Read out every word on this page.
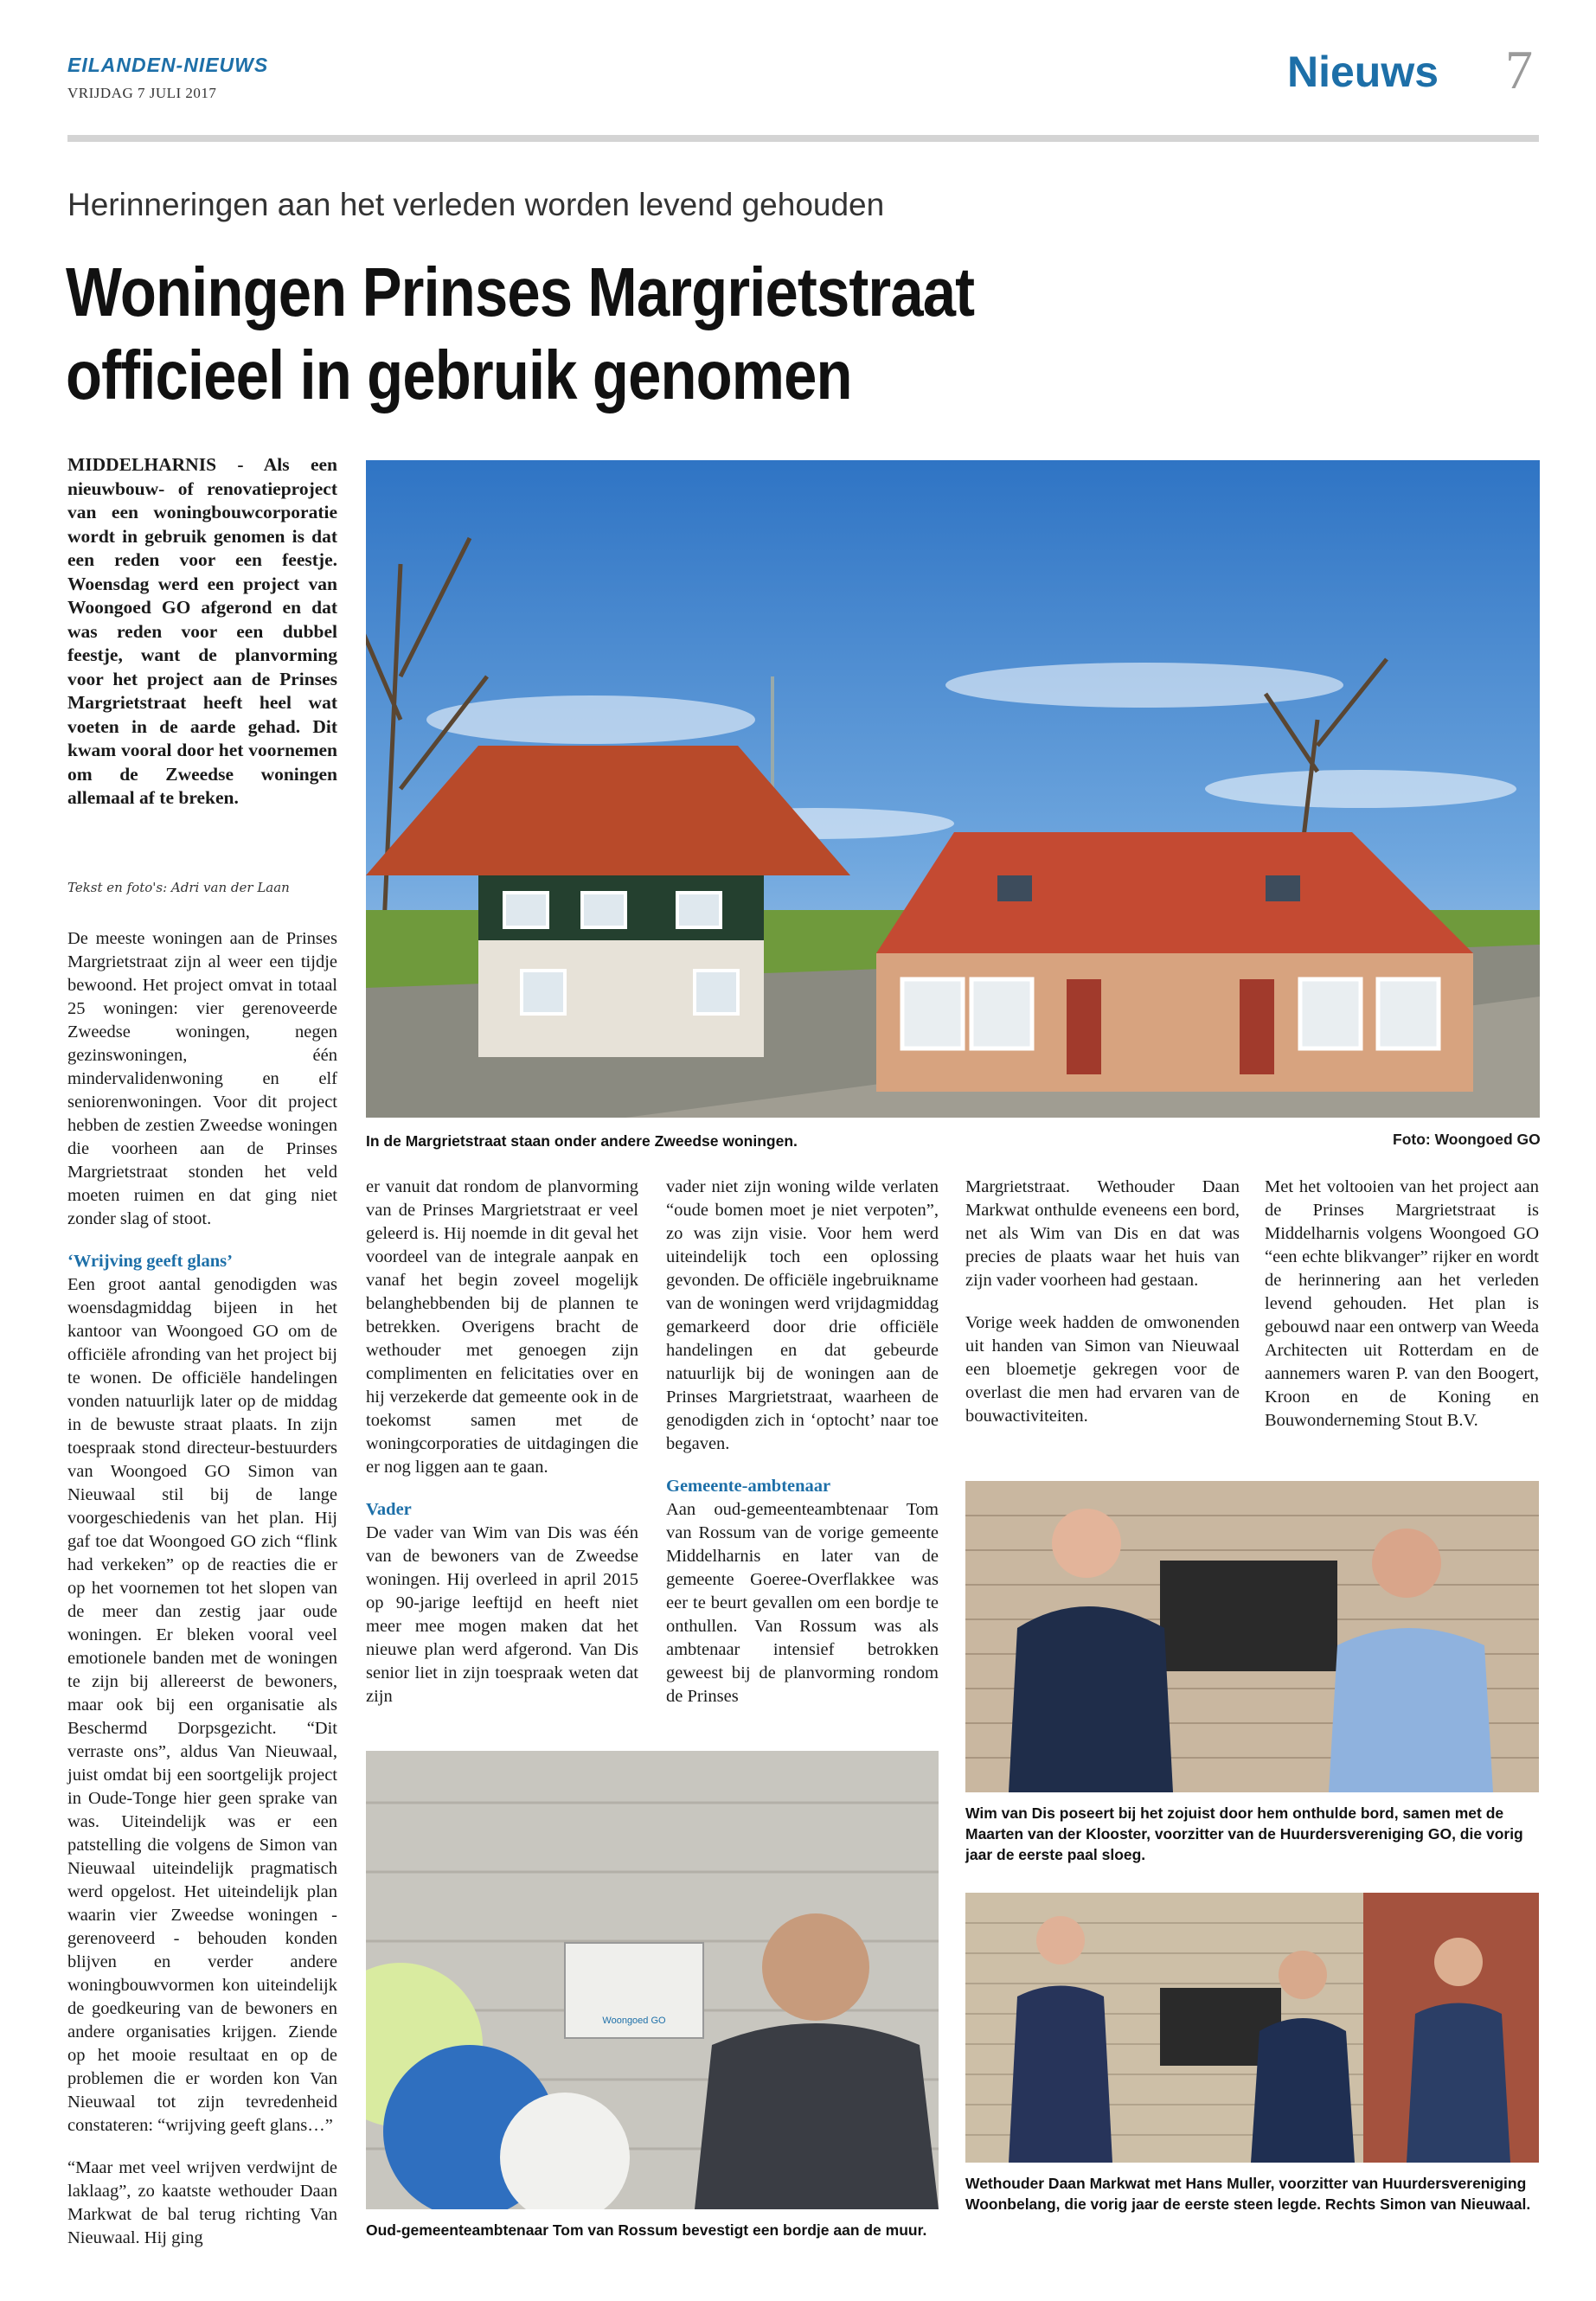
EILANDEN-NIEUWS
VRIJDAG 7 JULI 2017	Nieuws 7
Herinneringen aan het verleden worden levend gehouden
Woningen Prinses Margrietstraat
officieel in gebruik genomen
MIDDELHARNIS - Als een nieuwbouw- of renovatieproject van een woningbouwcorporatie wordt in gebruik genomen is dat een reden voor een feestje. Woensdag werd een project van Woongoed GO afgerond en dat was reden voor een dubbel feestje, want de planvorming voor het project aan de Prinses Margrietstraat heeft heel wat voeten in de aarde gehad. Dit kwam vooral door het voornemen om de Zweedse woningen allemaal af te breken.
Tekst en foto's: Adri van der Laan

De meeste woningen aan de Prinses Margrietstraat zijn al weer een tijdje bewoond. Het project omvat in totaal 25 woningen: vier gerenoveerde Zweedse woningen, negen gezinswoningen, één mindervalidenwoning en elf seniorenwoningen. Voor dit project hebben de zestien Zweedse woningen die voorheen aan de Prinses Margrietstraat stonden het veld moeten ruimen en dat ging niet zonder slag of stoot.

‘Wrijving geeft glans’

Een groot aantal genodigden was woensdagmiddag bijeen in het kantoor van Woongoed GO om de officiële afronding van het project bij te wonen. De officiële handelingen vonden natuurlijk later op de middag in de bewuste straat plaats. In zijn toespraak stond directeur-bestuurders van Woongoed GO Simon van Nieuwaal stil bij de lange voorgeschiedenis van het plan. Hij gaf toe dat Woongoed GO zich “flink had verkeken” op de reacties die er op het voornemen tot het slopen van de meer dan zestig jaar oude woningen. Er bleken vooral veel emotionele banden met de woningen te zijn bij allereerst de bewoners, maar ook bij een organisatie als Beschermd Dorpsgezicht. “Dit verraste ons”, aldus Van Nieuwaal, juist omdat bij een soortgelijk project in Oude-Tonge hier geen sprake van was. Uiteindelijk was er een patstelling die volgens de Simon van Nieuwaal uiteindelijk pragmatisch werd opgelost. Het uiteindelijk plan waarin vier Zweedse woningen - gerenoveerd - behouden konden blijven en verder andere woningbouwvormen kon uiteindelijk de goedkeuring van de bewoners en andere organisaties krijgen. Ziende op het mooie resultaat en op de problemen die er worden kon Van Nieuwaal tot zijn tevredenheid constateren: “wrijving geeft glans…”

“Maar met veel wrijven verdwijnt de laklaag”, zo kaatste wethouder Daan Markwat de bal terug richting Van Nieuwaal. Hij ging

In de Margrietstraat staan onder andere Zweedse woningen.	Foto: Woongoed GO

er vanuit dat rondom de planvorming van de Prinses Margrietstraat er veel geleerd is. Hij noemde in dit geval het voordeel van de integrale aanpak en vanaf het begin zoveel mogelijk belanghebbenden bij de plannen te betrekken. Overigens bracht de wethouder met genoegen zijn complimenten en felicitaties over en hij verzekerde dat gemeente ook in de toekomst samen met de woningcorporaties de uitdagingen die er nog liggen aan te gaan.

Vader

De vader van Wim van Dis was één van de bewoners van de Zweedse woningen. Hij overleed in april 2015 op 90-jarige leeftijd en heeft niet meer mee mogen maken dat het nieuwe plan werd afgerond. Van Dis senior liet in zijn toespraak weten dat zijn

vader niet zijn woning wilde verlaten “oude bomen moet je niet verpoten”, zo was zijn visie. Voor hem werd uiteindelijk toch een oplossing gevonden. De officiële ingebruikname van de woningen werd vrijdagmiddag gemarkeerd door drie officiële handelingen en dat gebeurde natuurlijk bij de woningen aan de Prinses Margrietstraat, waarheen de genodigden zich in ‘optocht’ naar toe begaven.

Gemeente-ambtenaar

Aan oud-gemeenteambtenaar Tom van Rossum van de vorige gemeente Middelharnis en later van de gemeente Goeree-Overflakkee was eer te beurt gevallen om een bordje te onthullen. Van Rossum was als ambtenaar intensief betrokken geweest bij de planvorming rondom de Prinses

Margrietstraat. Wethouder Daan Markwat onthulde eveneens een bord, net als Wim van Dis en dat was precies de plaats waar het huis van zijn vader voorheen had gestaan.

Vorige week hadden de omwonenden uit handen van Simon van Nieuwaal een bloemetje gekregen voor de overlast die men had ervaren van de bouwactiviteiten.

Met het voltooien van het project aan de Prinses Margrietstraat is Middelharnis volgens Woongoed GO “een echte blikvanger” rijker en wordt de herinnering aan het verleden levend gehouden. Het plan is gebouwd naar een ontwerp van Weeda Architecten uit Rotterdam en de aannemers waren P. van den Boogert, Kroon en de Koning en Bouwonderneming Stout B.V.

Wim van Dis poseert bij het zojuist door hem onthulde bord, samen met de Maarten van der Klooster, voorzitter van de Huurdersvereniging GO, die vorig jaar de eerste paal sloeg.
Woongoed GO
Oud-gemeenteambtenaar Tom van Rossum bevestigt een bordje aan de muur.
Wethouder Daan Markwat met Hans Muller, voorzitter van Huurdersvereniging Woonbelang, die vorig jaar de eerste steen legde. Rechts Simon van Nieuwaal.
